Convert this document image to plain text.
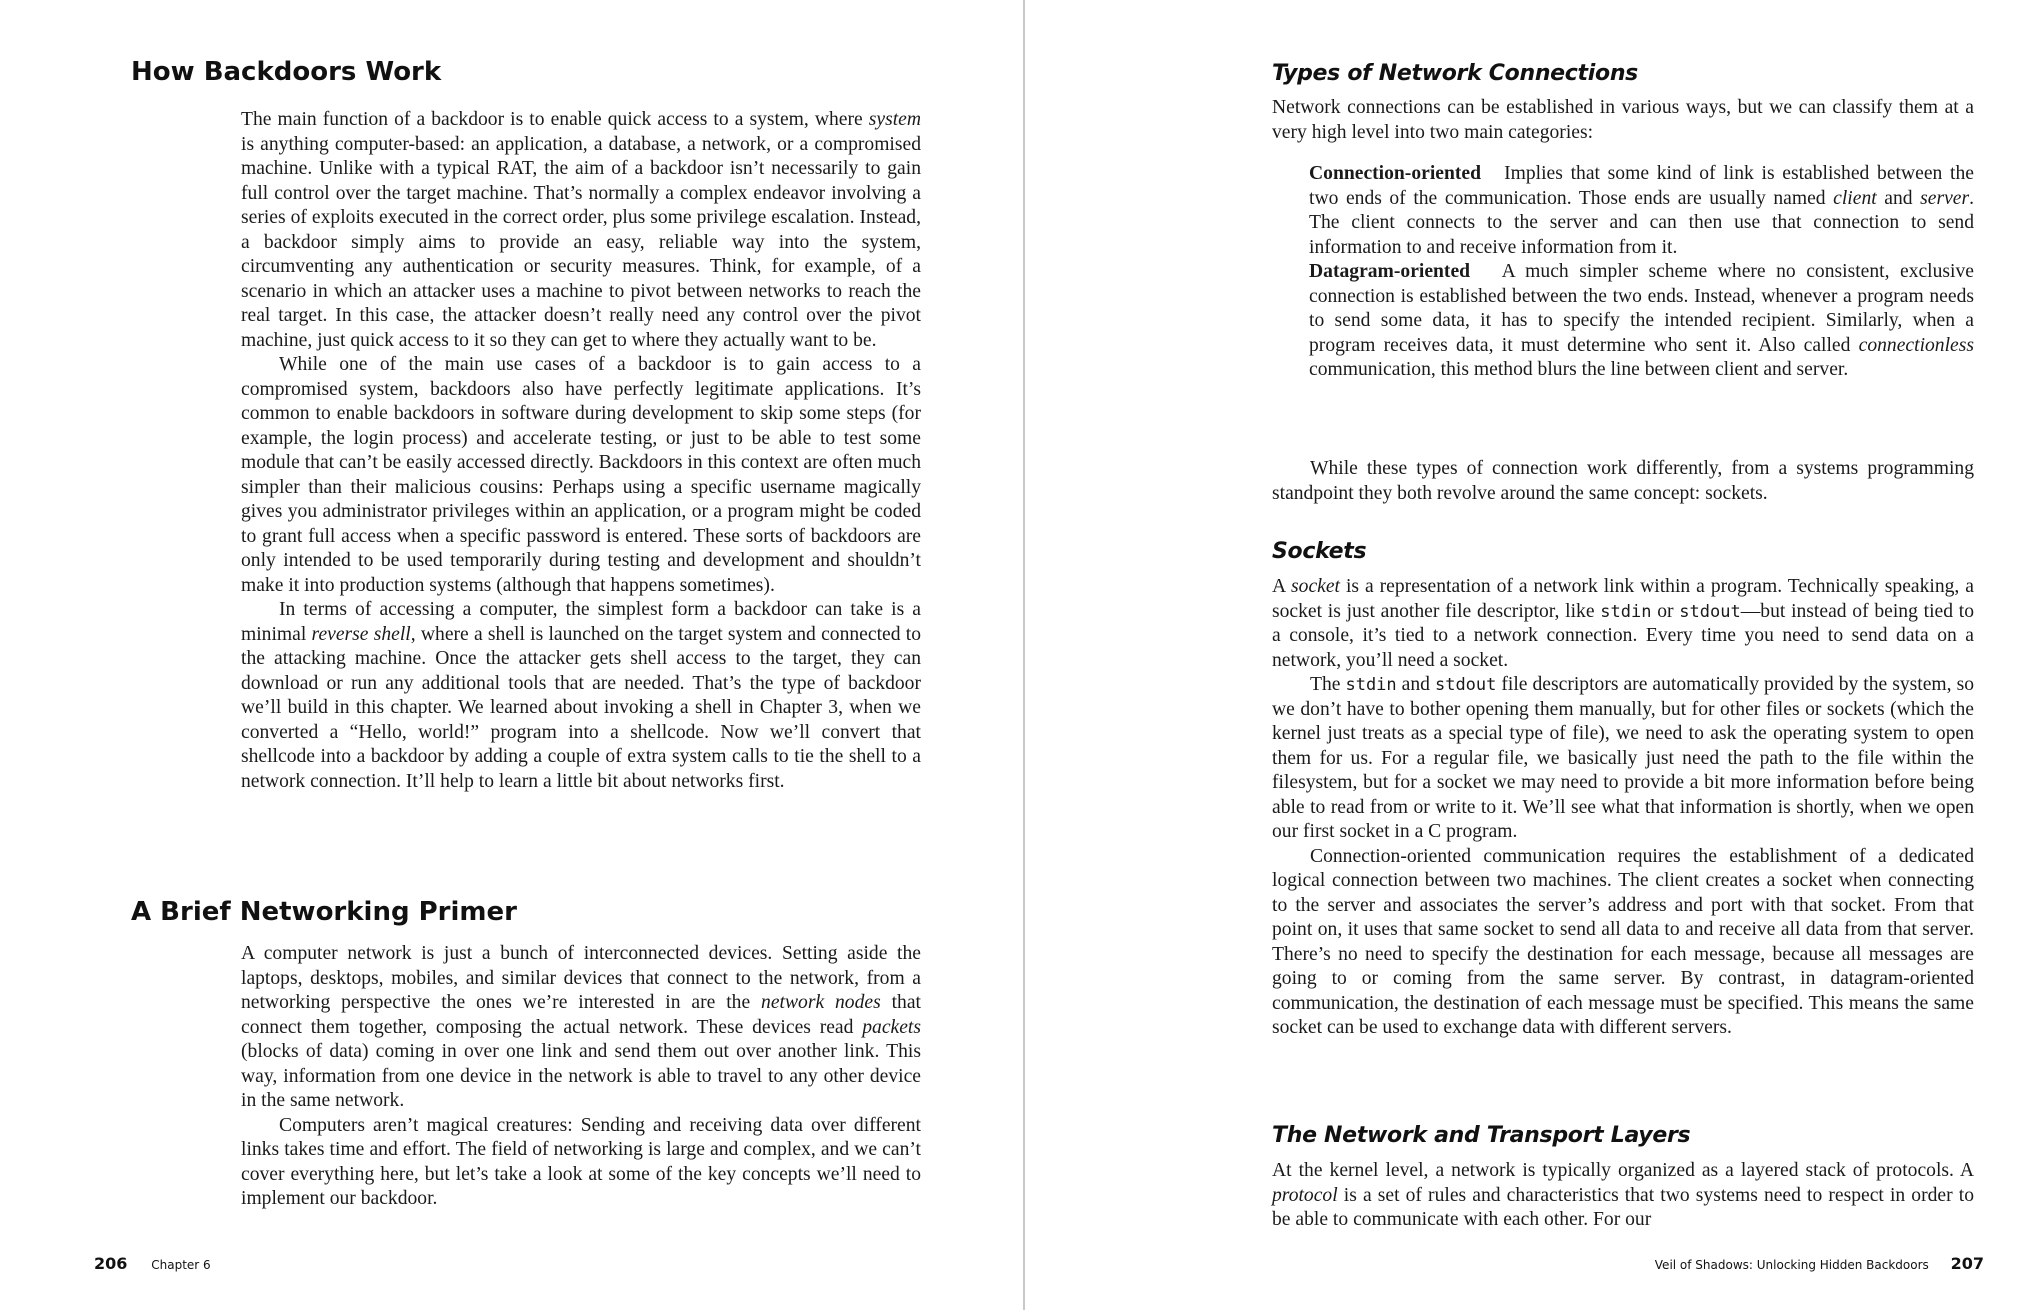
How Backdoors Work

The main function of a backdoor is to enable quick access to a system, where system is anything computer-based: an application, a database, a network, or a compromised machine. Unlike with a typical RAT, the aim of a backdoor isn’t necessarily to gain full control over the target machine. That’s normally a complex endeavor involving a series of exploits executed in the correct order, plus some privilege escalation. Instead, a backdoor simply aims to provide an easy, reliable way into the system, circumventing any authentication or security measures. Think, for example, of a scenario in which an attacker uses a machine to pivot between networks to reach the real target. In this case, the attacker doesn’t really need any control over the pivot machine, just quick access to it so they can get to where they actually want to be.

While one of the main use cases of a backdoor is to gain access to a compromised system, backdoors also have perfectly legitimate applications. It’s common to enable backdoors in software during development to skip some steps (for example, the login process) and accelerate testing, or just to be able to test some module that can’t be easily accessed directly. Backdoors in this context are often much simpler than their malicious cousins: Perhaps using a specific username magically gives you administrator privileges within an application, or a program might be coded to grant full access when a specific password is entered. These sorts of backdoors are only intended to be used temporarily during testing and development and shouldn’t make it into production systems (although that happens sometimes).

In terms of accessing a computer, the simplest form a backdoor can take is a minimal reverse shell, where a shell is launched on the target system and connected to the attacking machine. Once the attacker gets shell access to the target, they can download or run any additional tools that are needed. That’s the type of backdoor we’ll build in this chapter. We learned about invoking a shell in Chapter 3, when we converted a “Hello, world!” program into a shellcode. Now we’ll convert that shellcode into a backdoor by adding a couple of extra system calls to tie the shell to a network connection. It’ll help to learn a little bit about networks first.

A Brief Networking Primer

A computer network is just a bunch of interconnected devices. Setting aside the laptops, desktops, mobiles, and similar devices that connect to the network, from a networking perspective the ones we’re interested in are the network nodes that connect them together, composing the actual network. These devices read packets (blocks of data) coming in over one link and send them out over another link. This way, information from one device in the network is able to travel to any other device in the same network.

Computers aren’t magical creatures: Sending and receiving data over different links takes time and effort. The field of networking is large and complex, and we can’t cover everything here, but let’s take a look at some of the key concepts we’ll need to implement our backdoor.

206 Chapter 6
Types of Network Connections

Network connections can be established in various ways, but we can classify them at a very high level into two main categories:

Connection-oriented Implies that some kind of link is established between the two ends of the communication. Those ends are usually named client and server. The client connects to the server and can then use that connection to send information to and receive information from it.

Datagram-oriented A much simpler scheme where no consistent, exclusive connection is established between the two ends. Instead, whenever a program needs to send some data, it has to specify the intended recipient. Similarly, when a program receives data, it must determine who sent it. Also called connectionless communication, this method blurs the line between client and server.

While these types of connection work differently, from a systems programming standpoint they both revolve around the same concept: sockets.

Sockets

A socket is a representation of a network link within a program. Technically speaking, a socket is just another file descriptor, like stdin or stdout—but instead of being tied to a console, it’s tied to a network connection. Every time you need to send data on a network, you’ll need a socket.

The stdin and stdout file descriptors are automatically provided by the system, so we don’t have to bother opening them manually, but for other files or sockets (which the kernel just treats as a special type of file), we need to ask the operating system to open them for us. For a regular file, we basically just need the path to the file within the filesystem, but for a socket we may need to provide a bit more information before being able to read from or write to it. We’ll see what that information is shortly, when we open our first socket in a C program.

Connection-oriented communication requires the establishment of a dedicated logical connection between two machines. The client creates a socket when connecting to the server and associates the server’s address and port with that socket. From that point on, it uses that same socket to send all data to and receive all data from that server. There’s no need to specify the destination for each message, because all messages are going to or coming from the same server. By contrast, in datagram-oriented communication, the destination of each message must be specified. This means the same socket can be used to exchange data with different servers.

The Network and Transport Layers

At the kernel level, a network is typically organized as a layered stack of protocols. A protocol is a set of rules and characteristics that two systems need to respect in order to be able to communicate with each other. For our

Veil of Shadows: Unlocking Hidden Backdoors 207
